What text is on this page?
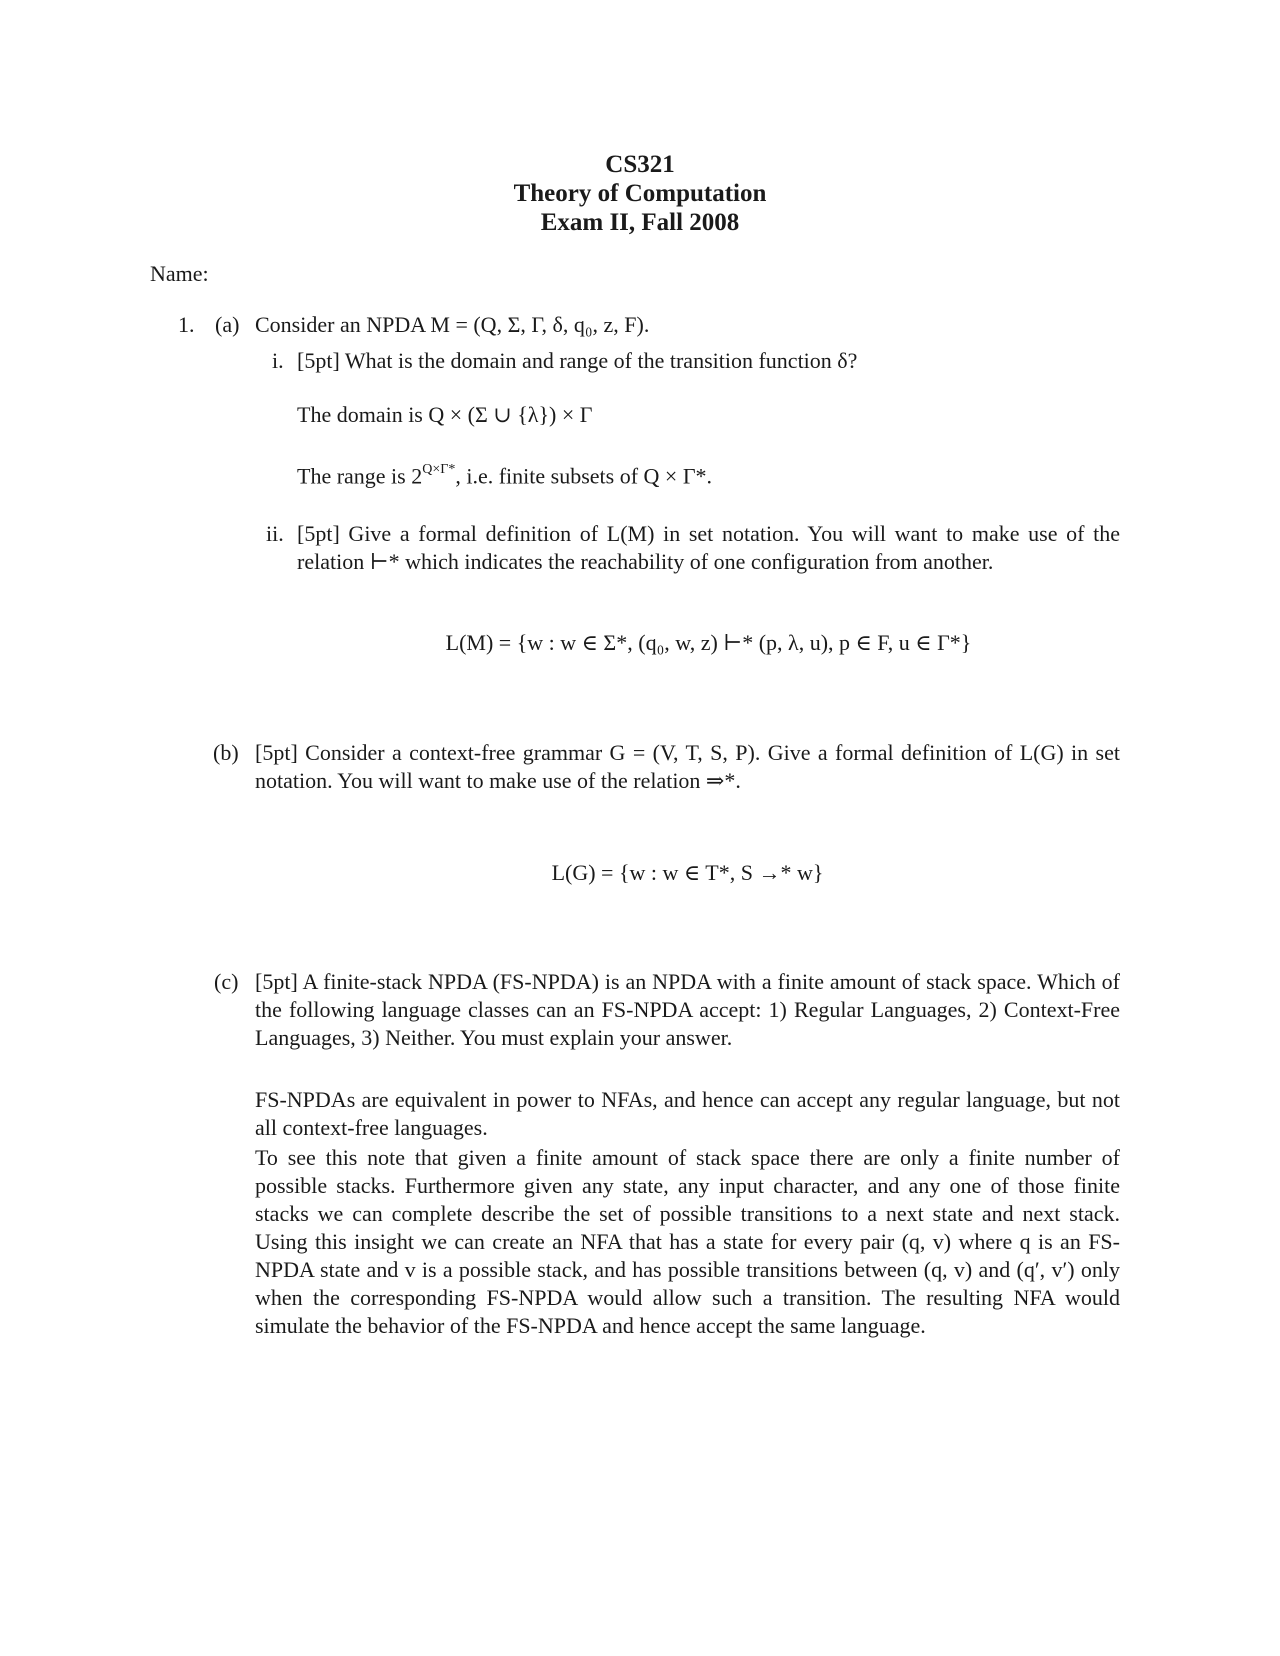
CS321
Theory of Computation
Exam II, Fall 2008
Name:
1. (a) Consider an NPDA M = (Q, Σ, Γ, δ, q₀, z, F).
i. [5pt] What is the domain and range of the transition function δ?
The domain is Q × (Σ ∪ {λ}) × Γ
The range is $2^{Q\times\Gamma*}$, i.e. finite subsets of Q × Γ*.
ii. [5pt] Give a formal definition of L(M) in set notation. You will want to make use of the relation ⊢* which indicates the reachability of one configuration from another.
L(M) = {w : w ∈ Σ*, (q₀, w, z) ⊢* (p, λ, u), p ∈ F, u ∈ Γ*}
(b) [5pt] Consider a context-free grammar G = (V, T, S, P). Give a formal definition of L(G) in set notation. You will want to make use of the relation ⇒*.
L(G) = {w : w ∈ T*, S →* w}
(c) [5pt] A finite-stack NPDA (FS-NPDA) is an NPDA with a finite amount of stack space. Which of the following language classes can an FS-NPDA accept: 1) Regular Languages, 2) Context-Free Languages, 3) Neither. You must explain your answer.
FS-NPDAs are equivalent in power to NFAs, and hence can accept any regular language, but not all context-free languages.
To see this note that given a finite amount of stack space there are only a finite number of possible stacks. Furthermore given any state, any input character, and any one of those finite stacks we can complete describe the set of possible transitions to a next state and next stack. Using this insight we can create an NFA that has a state for every pair (q, v) where q is an FS-NPDA state and v is a possible stack, and has possible transitions between (q, v) and (q′, v′) only when the corresponding FS-NPDA would allow such a transition. The resulting NFA would simulate the behavior of the FS-NPDA and hence accept the same language.
